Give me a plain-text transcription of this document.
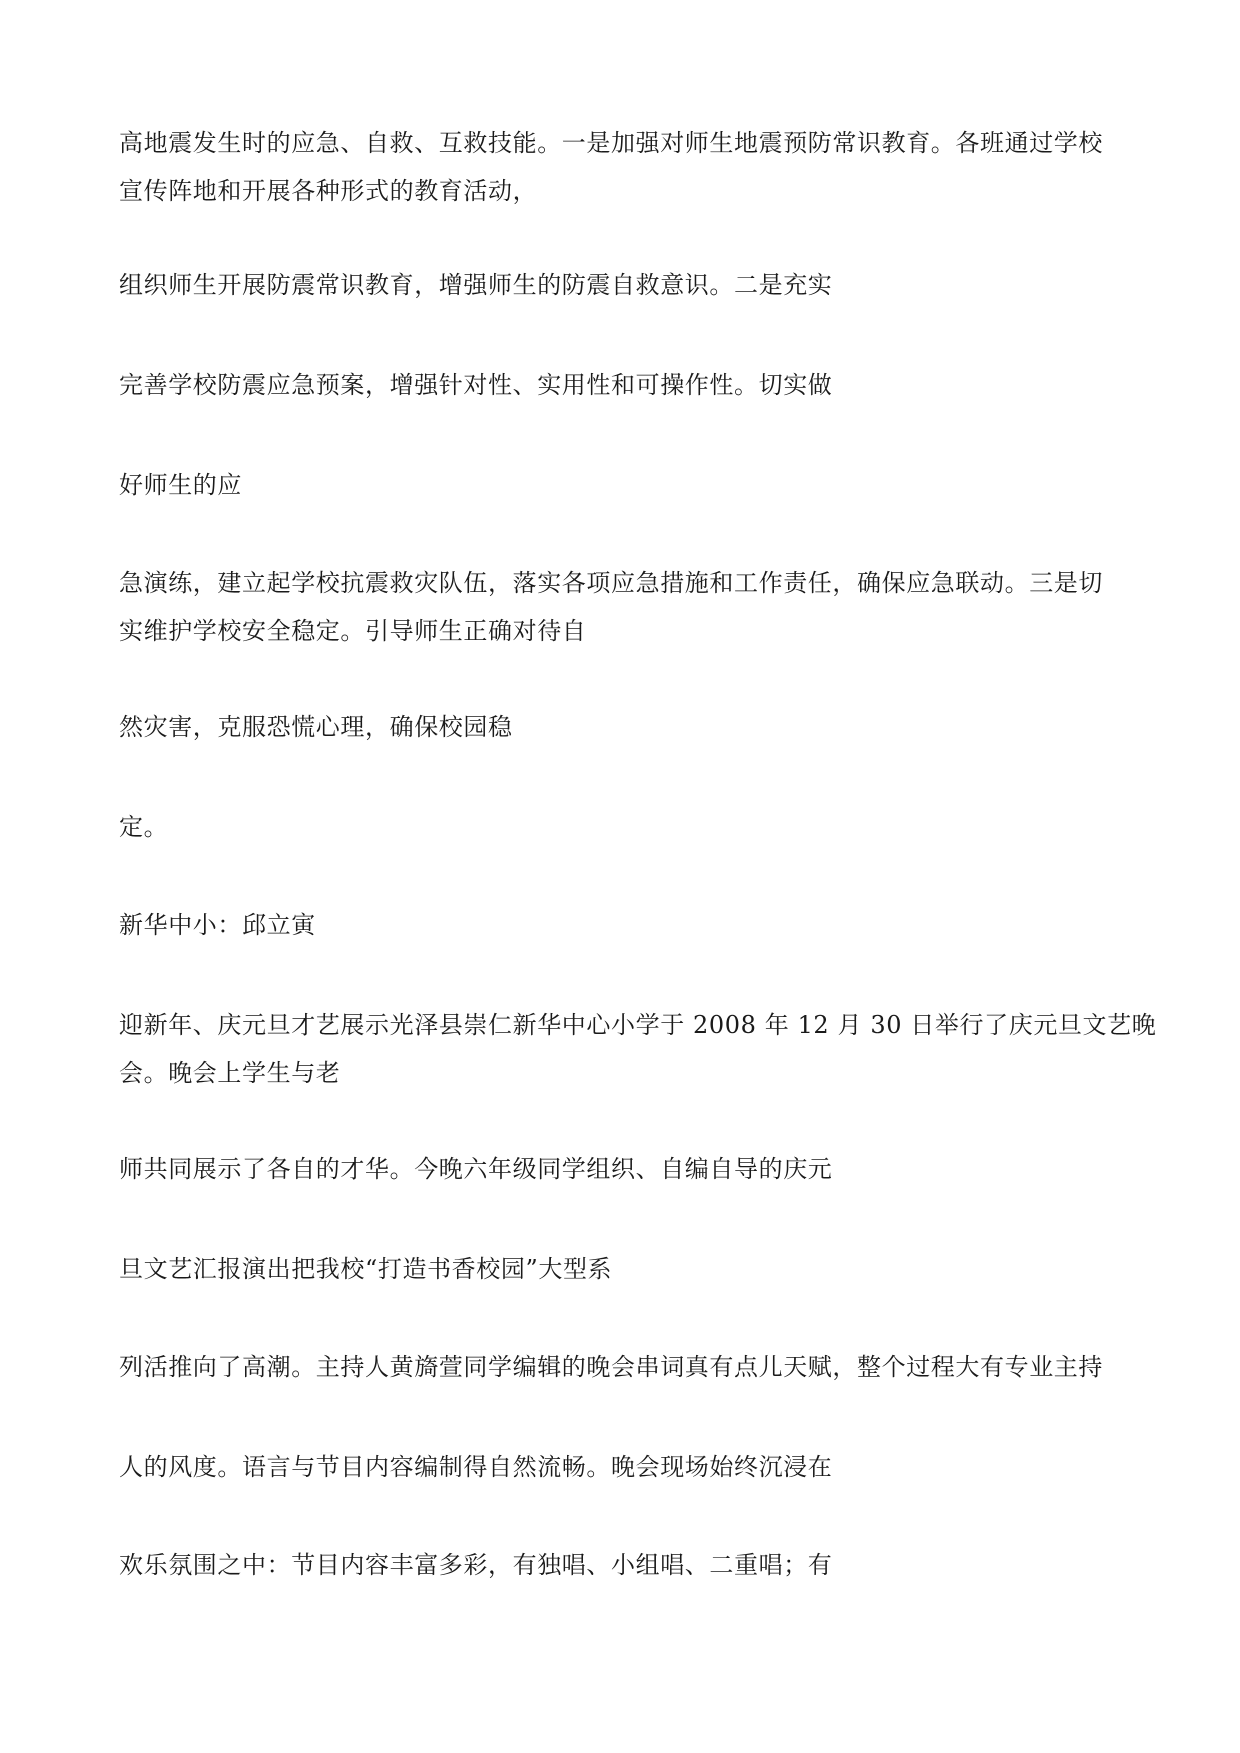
高地震发生时的应急、自救、互救技能。一是加强对师生地震预防常识教育。各班通过学校
宣传阵地和开展各种形式的教育活动，
组织师生开展防震常识教育，增强师生的防震自救意识。二是充实
完善学校防震应急预案，增强针对性、实用性和可操作性。切实做
好师生的应
急演练，建立起学校抗震救灾队伍，落实各项应急措施和工作责任，确保应急联动。三是切
实维护学校安全稳定。引导师生正确对待自
然灾害，克服恐慌心理，确保校园稳
定。
新华中小：邱立寅
迎新年、庆元旦才艺展示光泽县崇仁新华中心小学于 2008 年 12 月 30 日举行了庆元旦文艺晚
会。晚会上学生与老
师共同展示了各自的才华。今晚六年级同学组织、自编自导的庆元
旦文艺汇报演出把我校“打造书香校园”大型系
列活推向了高潮。主持人黄旖萱同学编辑的晚会串词真有点儿天赋，整个过程大有专业主持
人的风度。语言与节目内容编制得自然流畅。晚会现场始终沉浸在
欢乐氛围之中：节目内容丰富多彩，有独唱、小组唱、二重唱；有
